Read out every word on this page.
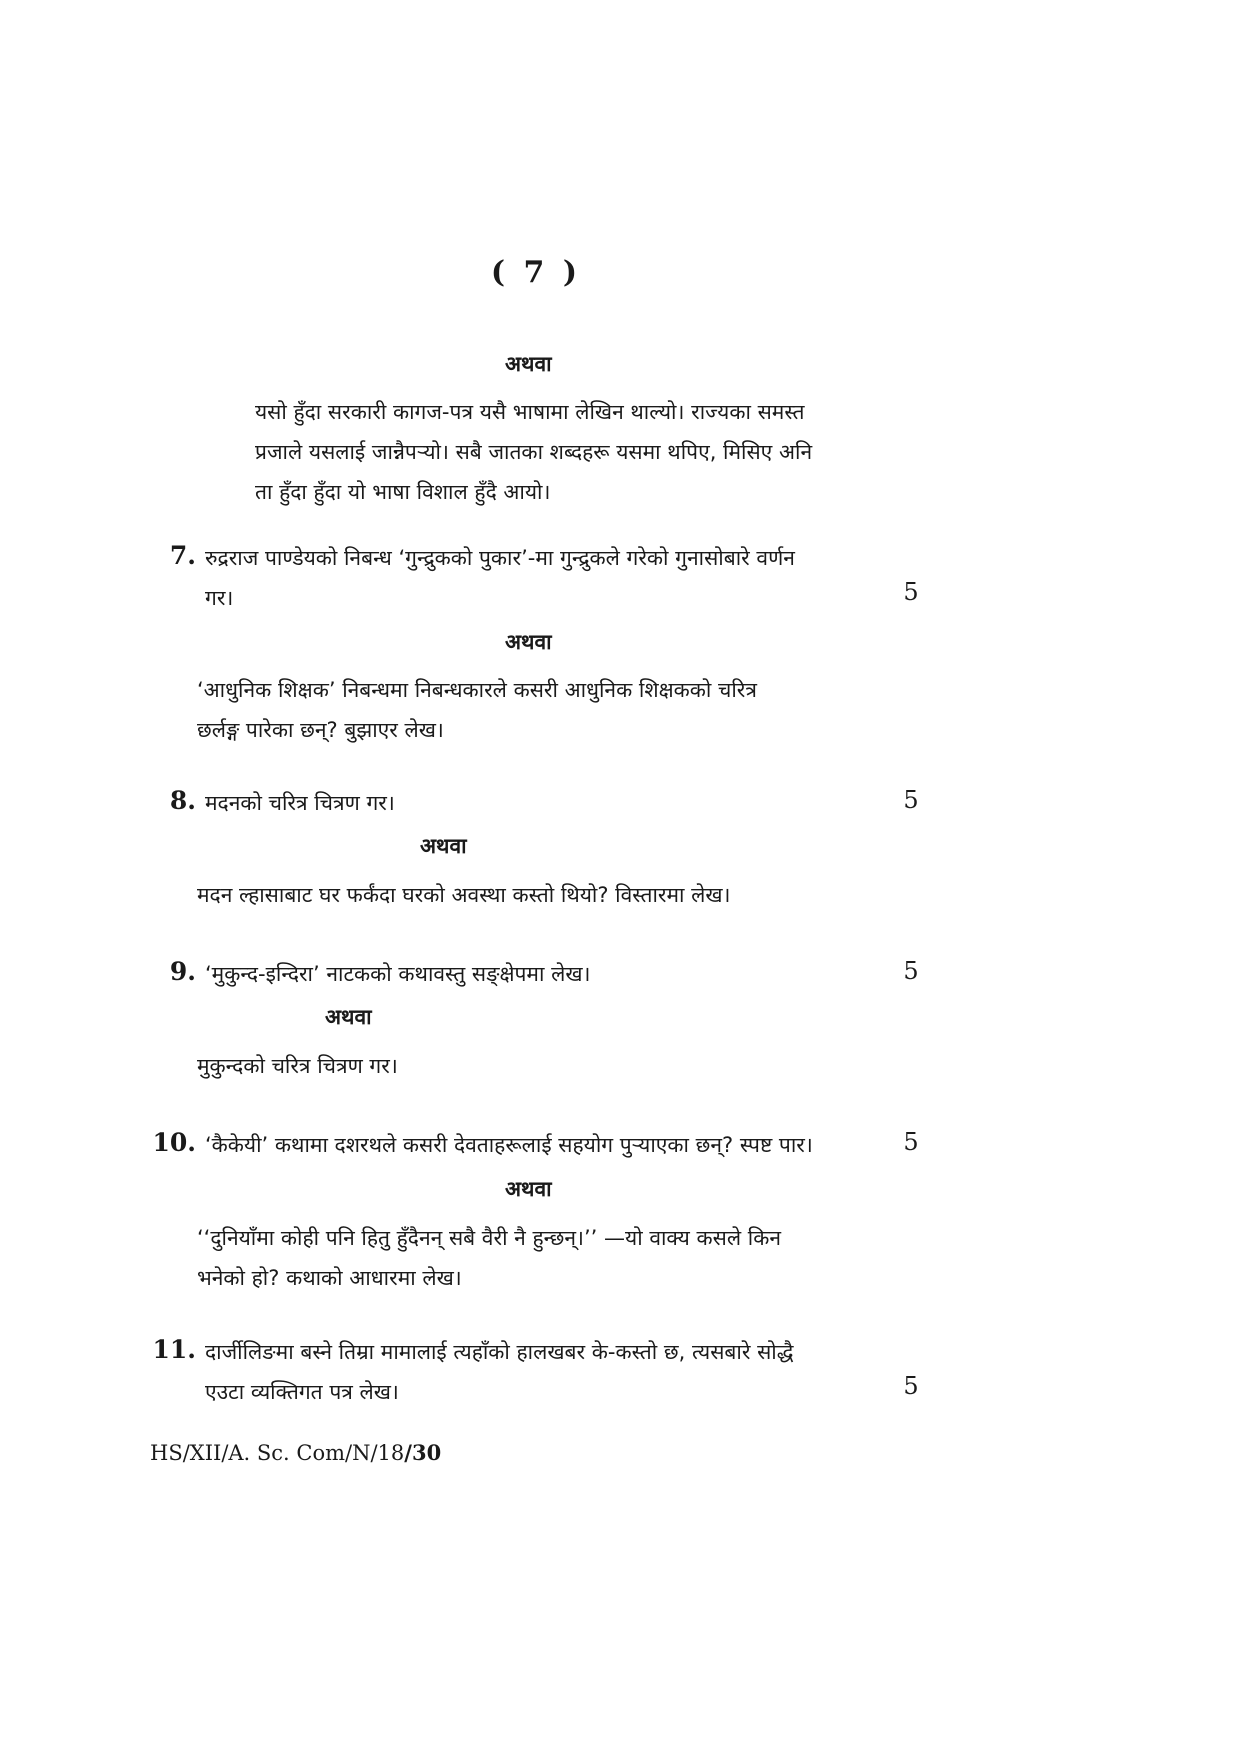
( 7 )
अथवा
यसो हुँदा सरकारी कागज-पत्र यसै भाषामा लेखिन थाल्यो। राज्यका समस्त
प्रजाले यसलाई जान्नैपर्‍यो। सबै जातका शब्दहरू यसमा थपिए, मिसिए अनि
ता हुँदा हुँदा यो भाषा विशाल हुँदै आयो।
7. रुद्रराज पाण्डेयको निबन्ध ‘गुन्द्रुकको पुकार’-मा गुन्द्रुकले गरेको गुनासोबारे वर्णन
गर।	5
अथवा
‘आधुनिक शिक्षक’ निबन्धमा निबन्धकारले कसरी आधुनिक शिक्षकको चरित्र
छर्लङ्ग पारेका छन्? बुझाएर लेख।
8. मदनको चरित्र चित्रण गर।	5
अथवा
मदन ल्हासाबाट घर फर्कंदा घरको अवस्था कस्तो थियो? विस्तारमा लेख।
9. ‘मुकुन्द-इन्दिरा’ नाटकको कथावस्तु सङ्क्षेपमा लेख।	5
अथवा
मुकुन्दको चरित्र चित्रण गर।
10. ‘कैकेयी’ कथामा दशरथले कसरी देवताहरूलाई सहयोग पुर्‍याएका छन्? स्पष्ट पार।	5
अथवा
‘‘दुनियाँमा कोही पनि हितु हुँदैनन् सबै वैरी नै हुन्छन्।’’ —यो वाक्य कसले किन
भनेको हो? कथाको आधारमा लेख।
11. दार्जीलिङमा बस्ने तिम्रा मामालाई त्यहाँको हालखबर के-कस्तो छ, त्यसबारे सोद्धै
एउटा व्यक्तिगत पत्र लेख।	5
HS/XII/A. Sc. Com/N/18/30
